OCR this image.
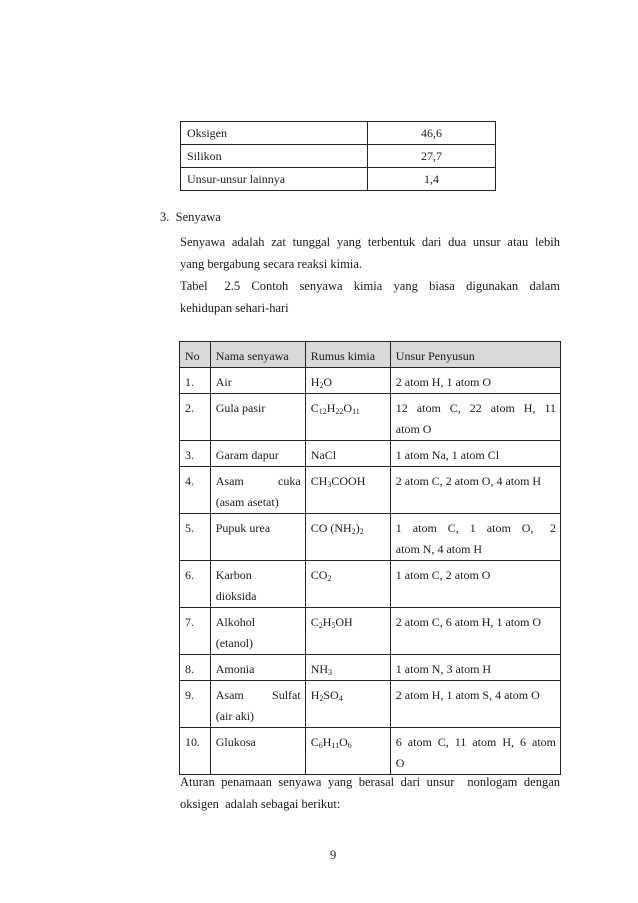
Oksigen	46,6
Silikon	27,7
Unsur-unsur lainnya	1,4
3.  Senyawa
Senyawa adalah zat tunggal yang terbentuk dari dua unsur atau lebih
yang bergabung secara reaksi kimia.
Tabel   2.5  Contoh  senyawa  kimia  yang  biasa  digunakan  dalam
kehidupan sehari-hari
No	Nama senyawa	Rumus kimia	Unsur Penyusun
1.	Air	$H_2O$	2 atom H, 1 atom O
2.	Gula pasir	$C_{12}H_{22}O_{11}$	12  atom  C,  22  atom  H,  11
atom O

3.	Garam dapur	NaCl	1 atom Na, 1 atom Cl
4.	Asam  cuka
(asam asetat)	$CH_3COOH$	2 atom C, 2 atom O, 4 atom H
5.	Pupuk urea	CO $(NH_2)_2$	1  atom  C,  1  atom  O,   2
atom N, 4 atom H

6.	Karbon
dioksida	$CO_2$	1 atom C, 2 atom O
7.	Alkohol
(etanol)	$C_2H_5OH$	2 atom C, 6 atom H, 1 atom O
8.	Amonia	$NH_3$	1 atom N, 3 atom H
9.	Asam  Sulfat
(air aki)	$H_2SO_4$	2 atom H, 1 atom S, 4 atom O
10.	Glukosa	$C_6H_{11}O_6$	6  atom  C,  11  atom  H,  6  atom
O
Aturan penamaan senyawa yang berasal dari unsur  nonlogam dengan
oksigen  adalah sebagai berikut:
9
